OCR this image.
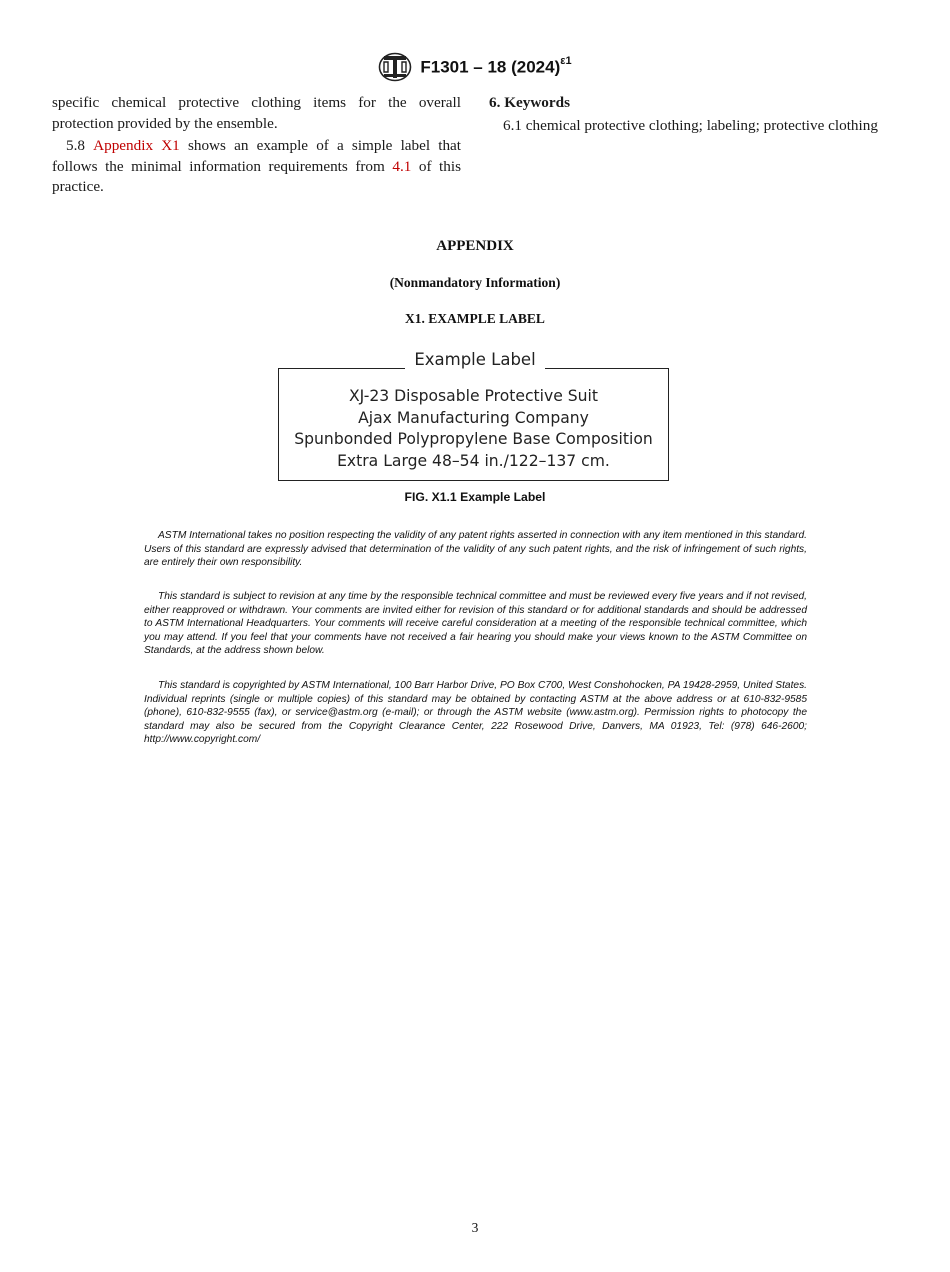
F1301 – 18 $(2024)^{\varepsilon 1}$

specific chemical protective clothing items for the overall protection provided by the ensemble.

5.8 Appendix X1 shows an example of a simple label that follows the minimal information requirements from 4.1 of this practice.

6. Keywords

6.1 chemical protective clothing; labeling; protective clothing

APPENDIX
(Nonmandatory Information)
X1. EXAMPLE LABEL
XJ-23 Disposable Protective Suit
Ajax Manufacturing Company
Spunbonded Polypropylene Base Composition
Extra Large 48–54 in./122–137 cm.
Example Label
FIG. X1.1 Example Label

ASTM International takes no position respecting the validity of any patent rights asserted in connection with any item mentioned in this standard. Users of this standard are expressly advised that determination of the validity of any such patent rights, and the risk of infringement of such rights, are entirely their own responsibility.

This standard is subject to revision at any time by the responsible technical committee and must be reviewed every five years and if not revised, either reapproved or withdrawn. Your comments are invited either for revision of this standard or for additional standards and should be addressed to ASTM International Headquarters. Your comments will receive careful consideration at a meeting of the responsible technical committee, which you may attend. If you feel that your comments have not received a fair hearing you should make your views known to the ASTM Committee on Standards, at the address shown below.

This standard is copyrighted by ASTM International, 100 Barr Harbor Drive, PO Box C700, West Conshohocken, PA 19428-2959, United States. Individual reprints (single or multiple copies) of this standard may be obtained by contacting ASTM at the above address or at 610-832-9585 (phone), 610-832-9555 (fax), or service@astm.org (e-mail); or through the ASTM website (www.astm.org). Permission rights to photocopy the standard may also be secured from the Copyright Clearance Center, 222 Rosewood Drive, Danvers, MA 01923, Tel: (978) 646-2600; http://www.copyright.com/

3
